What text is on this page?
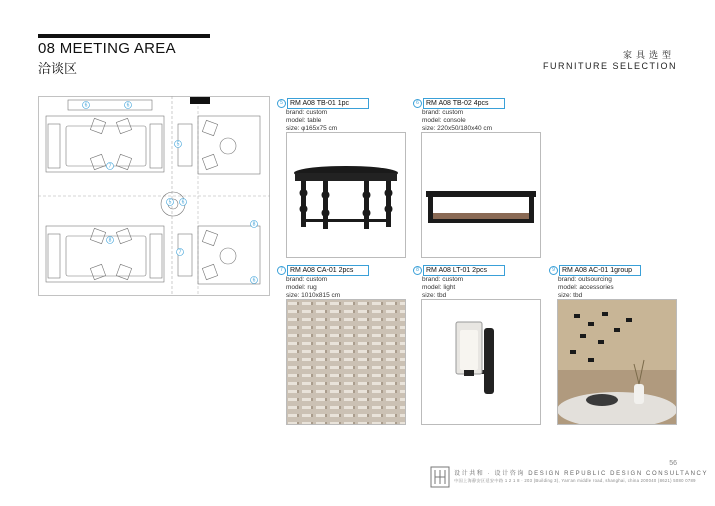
08 MEETING AREA
洽谈区
家具选型
FURNITURE SELECTION
6	6
5
7
5 6
7
8
8
6
5 RM A08 TB-01 1pc
brand: custom
model: table
size: φ165x75 cm
6 RM A08 TB-02 4pcs
brand: custom
model: console
size: 220x50/180x40 cm
7 RM A08 CA-01 2pcs
brand: custom
model: rug
size: 1010x815 cm
8 RM A08 LT-01 2pcs
brand: custom
model: light
size: tbd
9 RM A08 AC-01 1group
brand: outsourcing
model: accessories
size: tbd
设计共和 · 设计咨询 DESIGN REPUBLIC DESIGN CONSULTANCY
中国上海静安区延安中路 1 2 1 8 · 203 (Building 3), Yan'an middle road, shanghai, china 200040 (8621) 5080 0789
56
